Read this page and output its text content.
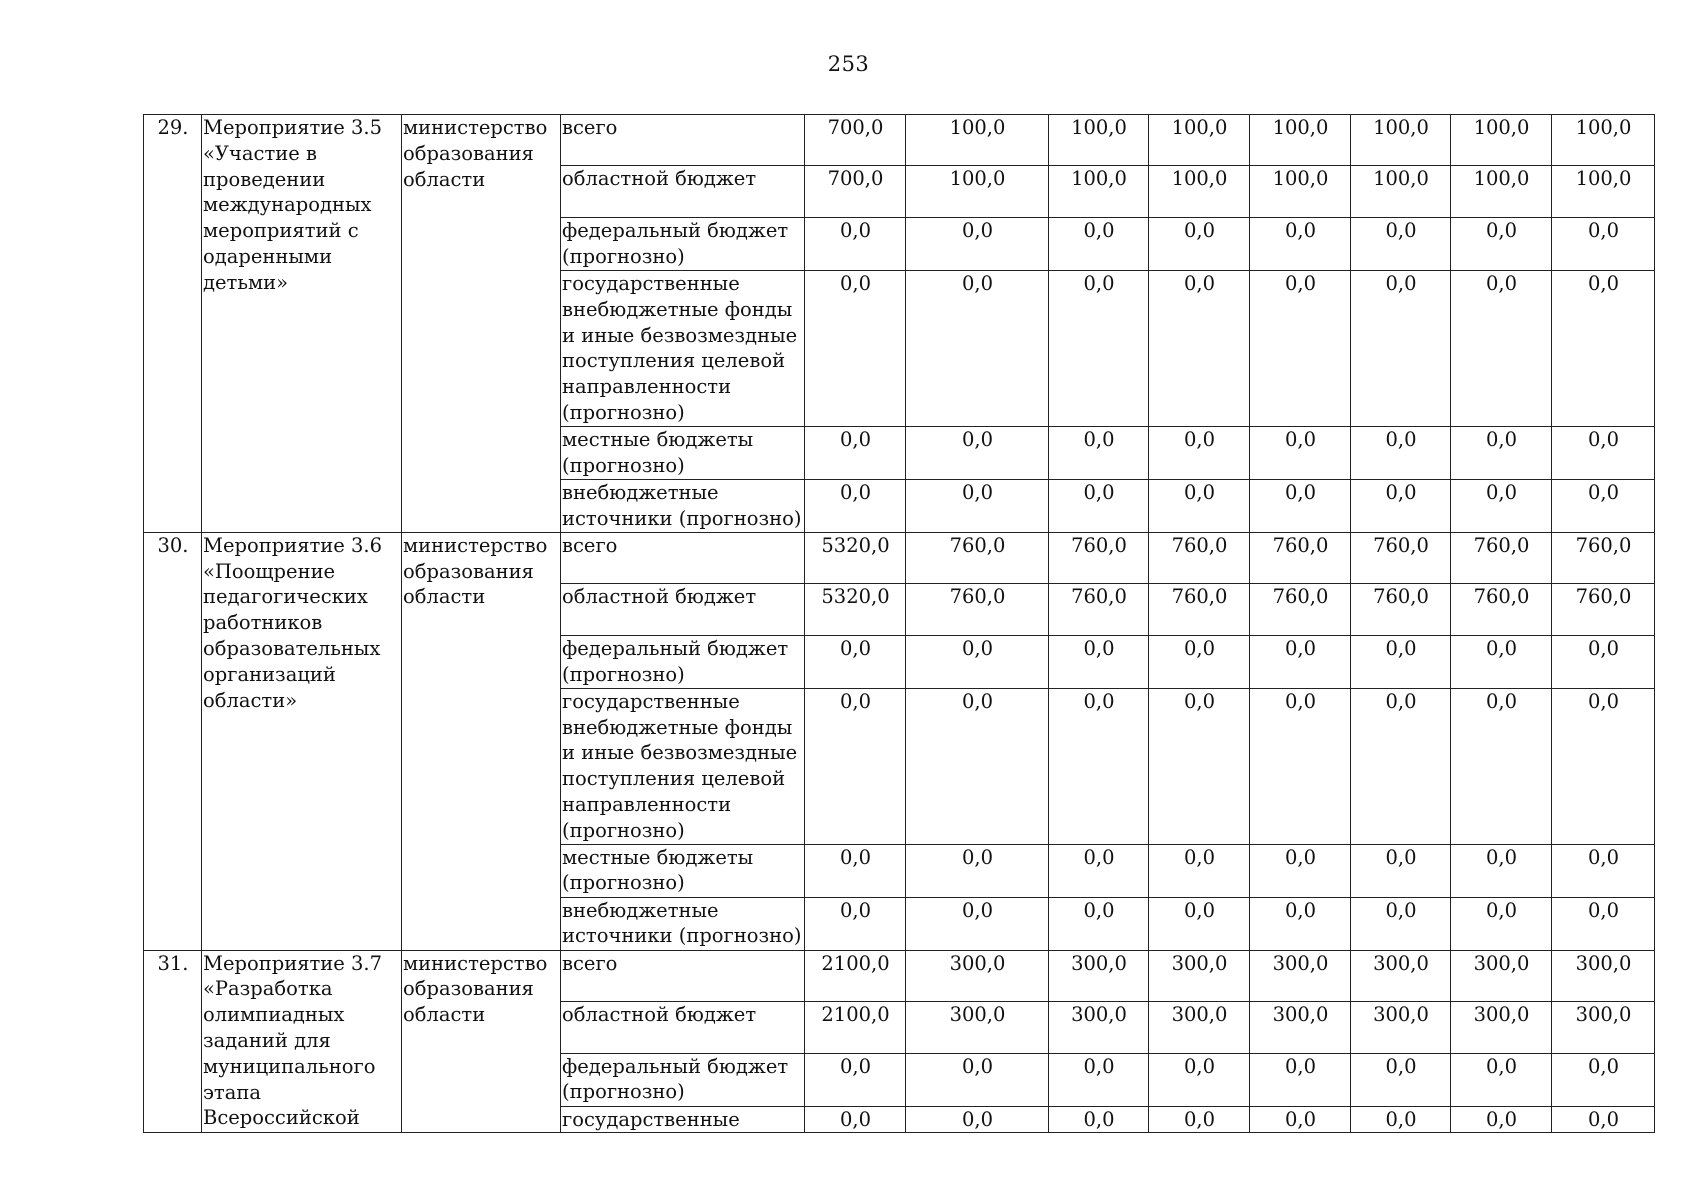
253
29.	Мероприятие 3.5 «Участие в проведении международных мероприятий с одаренными детьми»	министерство образования области	всего	700,0	100,0	100,0	100,0	100,0	100,0	100,0	100,0
			областной бюджет	700,0	100,0	100,0	100,0	100,0	100,0	100,0	100,0
			федеральный бюджет (прогнозно)	0,0	0,0	0,0	0,0	0,0	0,0	0,0	0,0
			государственные внебюджетные фонды и иные безвозмездные поступления целевой направленности (прогнозно)	0,0	0,0	0,0	0,0	0,0	0,0	0,0	0,0
			местные бюджеты (прогнозно)	0,0	0,0	0,0	0,0	0,0	0,0	0,0	0,0
			внебюджетные источники (прогнозно)	0,0	0,0	0,0	0,0	0,0	0,0	0,0	0,0
30.	Мероприятие 3.6 «Поощрение педагогических работников образовательных организаций области»	министерство образования области	всего	5320,0	760,0	760,0	760,0	760,0	760,0	760,0	760,0
			областной бюджет	5320,0	760,0	760,0	760,0	760,0	760,0	760,0	760,0
			федеральный бюджет (прогнозно)	0,0	0,0	0,0	0,0	0,0	0,0	0,0	0,0
			государственные внебюджетные фонды и иные безвозмездные поступления целевой направленности (прогнозно)	0,0	0,0	0,0	0,0	0,0	0,0	0,0	0,0
			местные бюджеты (прогнозно)	0,0	0,0	0,0	0,0	0,0	0,0	0,0	0,0
			внебюджетные источники (прогнозно)	0,0	0,0	0,0	0,0	0,0	0,0	0,0	0,0
31.	Мероприятие 3.7 «Разработка олимпиадных заданий для муниципального этапа Всероссийской	министерство образования области	всего	2100,0	300,0	300,0	300,0	300,0	300,0	300,0	300,0
			областной бюджет	2100,0	300,0	300,0	300,0	300,0	300,0	300,0	300,0
			федеральный бюджет (прогнозно)	0,0	0,0	0,0	0,0	0,0	0,0	0,0	0,0
			государственные	0,0	0,0	0,0	0,0	0,0	0,0	0,0	0,0
